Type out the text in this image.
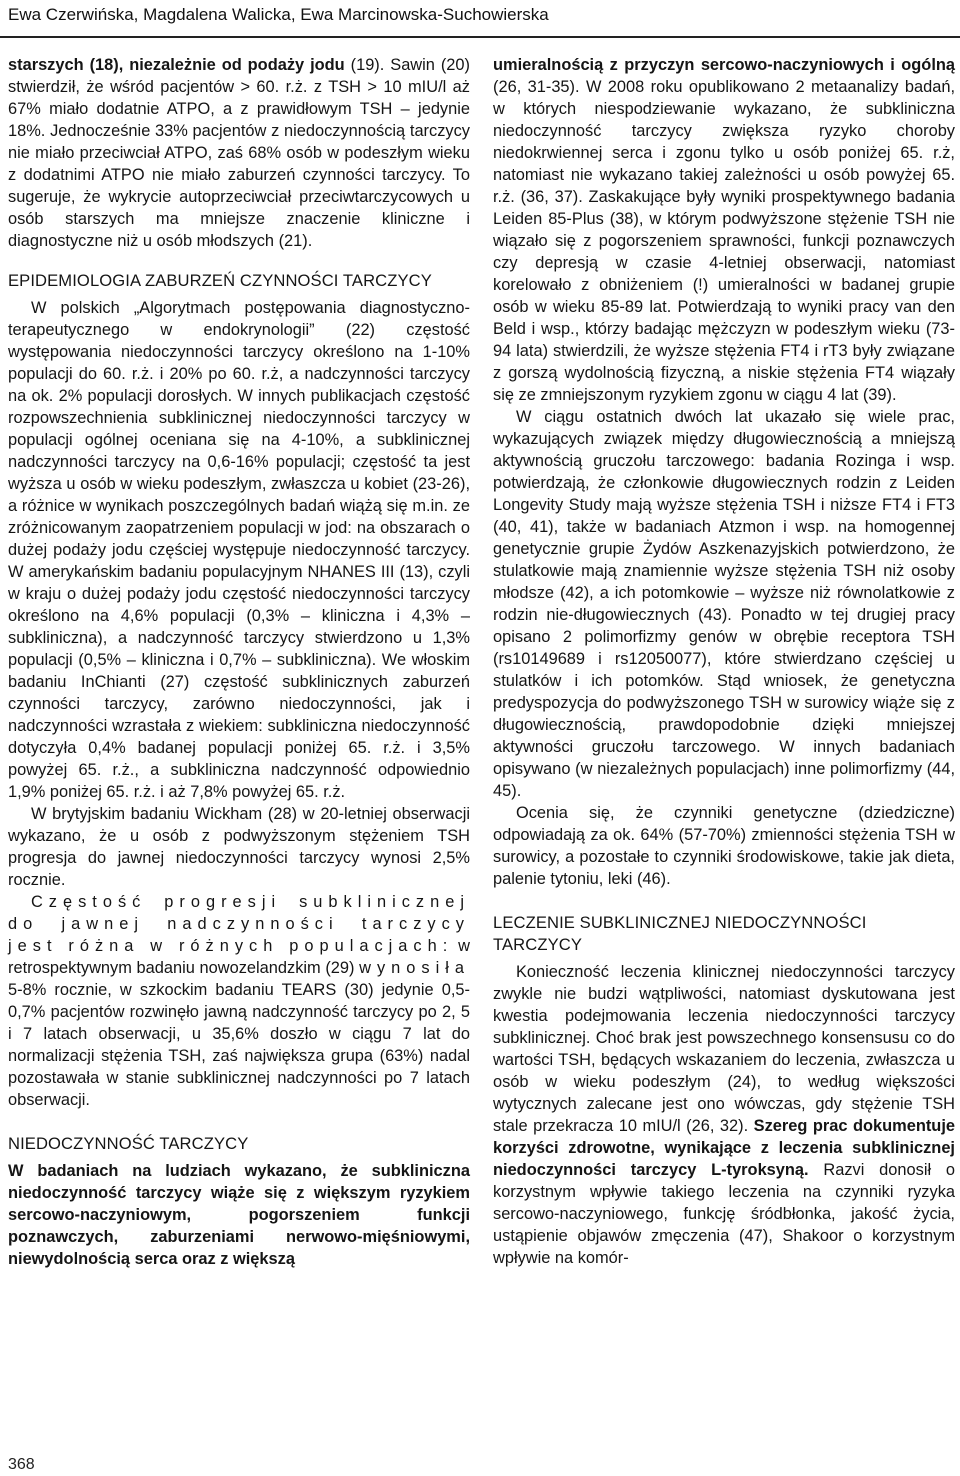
Ewa Czerwińska, Magdalena Walicka, Ewa Marcinowska-Suchowierska

starszych (18), niezależnie od podaży jodu (19). Sawin (20) stwierdził, że wśród pacjentów > 60. r.ż. z TSH > 10 mIU/l aż 67% miało dodatnie ATPO, a z prawidłowym TSH ‒ jedynie 18%. Jednocześnie 33% pacjentów z niedoczynnością tarczycy nie miało przeciwciał ATPO, zaś 68% osób w podeszłym wieku z dodatnimi ATPO nie miało zaburzeń czynności tarczycy. To sugeruje, że wykrycie autoprzeciwciał przeciwtarczycowych u osób starszych ma mniejsze znaczenie kliniczne i diagnostyczne niż u osób młodszych (21).

EPIDEMIOLOGIA ZABURZEŃ CZYNNOŚCI TARCZYCY

W polskich „Algorytmach postępowania diagnostyczno-terapeutycznego w endokrynologii” (22) częstość występowania niedoczynności tarczycy określono na 1-10% populacji do 60. r.ż. i 20% po 60. r.ż, a nadczynności tarczycy na ok. 2% populacji dorosłych. W innych publikacjach częstość rozpowszechnienia subklinicznej niedoczynności tarczycy w populacji ogólnej oceniana się na 4-10%, a subklinicznej nadczynności tarczycy na 0,6-16% populacji; częstość ta jest wyższa u osób w wieku podeszłym, zwłaszcza u kobiet (23-26), a różnice w wynikach poszczególnych badań wiążą się m.in. ze zróżnicowanym zaopatrzeniem populacji w jod: na obszarach o dużej podaży jodu częściej występuje niedoczynność tarczycy. W amerykańskim badaniu populacyjnym NHANES III (13), czyli w kraju o dużej podaży jodu częstość niedoczynności tarczycy określono na 4,6% populacji (0,3% ‒ kliniczna i 4,3% ‒ subkliniczna), a nadczynność tarczycy stwierdzono u 1,3% populacji (0,5% ‒ kliniczna i 0,7% ‒ subkliniczna). We włoskim badaniu InChianti (27) częstość subklinicznych zaburzeń czynności tarczycy, zarówno niedoczynności, jak i nadczynności wzrastała z wiekiem: subkliniczna niedoczynność dotyczyła 0,4% badanej populacji poniżej 65. r.ż. i 3,5% powyżej 65. r.ż., a subkliniczna nadczynność odpowiednio 1,9% poniżej 65. r.ż. i aż 7,8% powyżej 65. r.ż.

W brytyjskim badaniu Wickham (28) w 20-letniej obserwacji wykazano, że u osób z podwyższonym stężeniem TSH progresja do jawnej niedoczynności tarczycy wynosi 2,5% rocznie.

Częstość progresji subklinicznej do jawnej nadczynności tarczycy jest różna w różnych populacjach: w retrospektywnym badaniu nowozelandzkim (29) wynosiła 5-8% rocznie, w szkockim badaniu TEARS (30) jedynie 0,5-0,7% pacjentów rozwinęło jawną nadczynność tarczycy po 2, 5 i 7 latach obserwacji, u 35,6% doszło w ciągu 7 lat do normalizacji stężenia TSH, zaś największa grupa (63%) nadal pozostawała w stanie subklinicznej nadczynności po 7 latach obserwacji.

NIEDOCZYNNOŚĆ TARCZYCY

W badaniach na ludziach wykazano, że subkliniczna niedoczynność tarczycy wiąże się z większym ryzykiem sercowo-naczyniowym, pogorszeniem funkcji poznawczych, zaburzeniami nerwowo-mięśniowymi, niewydolnością serca oraz z większą

umieralnością z przyczyn sercowo-naczyniowych i ogólną (26, 31-35). W 2008 roku opublikowano 2 metaanalizy badań, w których niespodziewanie wykazano, że subkliniczna niedoczynność tarczycy zwiększa ryzyko choroby niedokrwiennej serca i zgonu tylko u osób poniżej 65. r.ż, natomiast nie wykazano takiej zależności u osób powyżej 65. r.ż. (36, 37). Zaskakujące były wyniki prospektywnego badania Leiden 85-Plus (38), w którym podwyższone stężenie TSH nie wiązało się z pogorszeniem sprawności, funkcji poznawczych czy depresją w czasie 4-letniej obserwacji, natomiast korelowało z obniżeniem (!) umieralności w badanej grupie osób w wieku 85-89 lat. Potwierdzają to wyniki pracy van den Beld i wsp., którzy badając mężczyzn w podeszłym wieku (73-94 lata) stwierdzili, że wyższe stężenia FT4 i rT3 były związane z gorszą wydolnością fizyczną, a niskie stężenia FT4 wiązały się ze zmniejszonym ryzykiem zgonu w ciągu 4 lat (39).

W ciągu ostatnich dwóch lat ukazało się wiele prac, wykazujących związek między długowiecznością a mniejszą aktywnością gruczołu tarczowego: badania Rozinga i wsp. potwierdzają, że członkowie długowiecznych rodzin z Leiden Longevity Study mają wyższe stężenia TSH i niższe FT4 i FT3 (40, 41), także w badaniach Atzmon i wsp. na homogennej genetycznie grupie Żydów Aszkenazyjskich potwierdzono, że stulatkowie mają znamiennie wyższe stężenia TSH niż osoby młodsze (42), a ich potomkowie ‒ wyższe niż równolatkowie z rodzin nie-długowiecznych (43). Ponadto w tej drugiej pracy opisano 2 polimorfizmy genów w obrębie receptora TSH (rs10149689 i rs12050077), które stwierdzano częściej u stulatków i ich potomków. Stąd wniosek, że genetyczna predyspozycja do podwyższonego TSH w surowicy wiąże się z długowiecznością, prawdopodobnie dzięki mniejszej aktywności gruczołu tarczowego. W innych badaniach opisywano (w niezależnych populacjach) inne polimorfizmy (44, 45).

Ocenia się, że czynniki genetyczne (dziedziczne) odpowiadają za ok. 64% (57-70%) zmienności stężenia TSH w surowicy, a pozostałe to czynniki środowiskowe, takie jak dieta, palenie tytoniu, leki (46).

LECZENIE SUBKLINICZNEJ NIEDOCZYNNOŚCI TARCZYCY

Konieczność leczenia klinicznej niedoczynności tarczycy zwykle nie budzi wątpliwości, natomiast dyskutowana jest kwestia podejmowania leczenia niedoczynności tarczycy subklinicznej. Choć brak jest powszechnego konsensusu co do wartości TSH, będących wskazaniem do leczenia, zwłaszcza u osób w wieku podeszłym (24), to według większości wytycznych zalecane jest ono wówczas, gdy stężenie TSH stale przekracza 10 mIU/l (26, 32). Szereg prac dokumentuje korzyści zdrowotne, wynikające z leczenia subklinicznej niedoczynności tarczycy L-tyroksyną. Razvi donosił o korzystnym wpływie takiego leczenia na czynniki ryzyka sercowo-naczyniowego, funkcję śródbłonka, jakość życia, ustąpienie objawów zmęczenia (47), Shakoor o korzystnym wpływie na komór-

368
